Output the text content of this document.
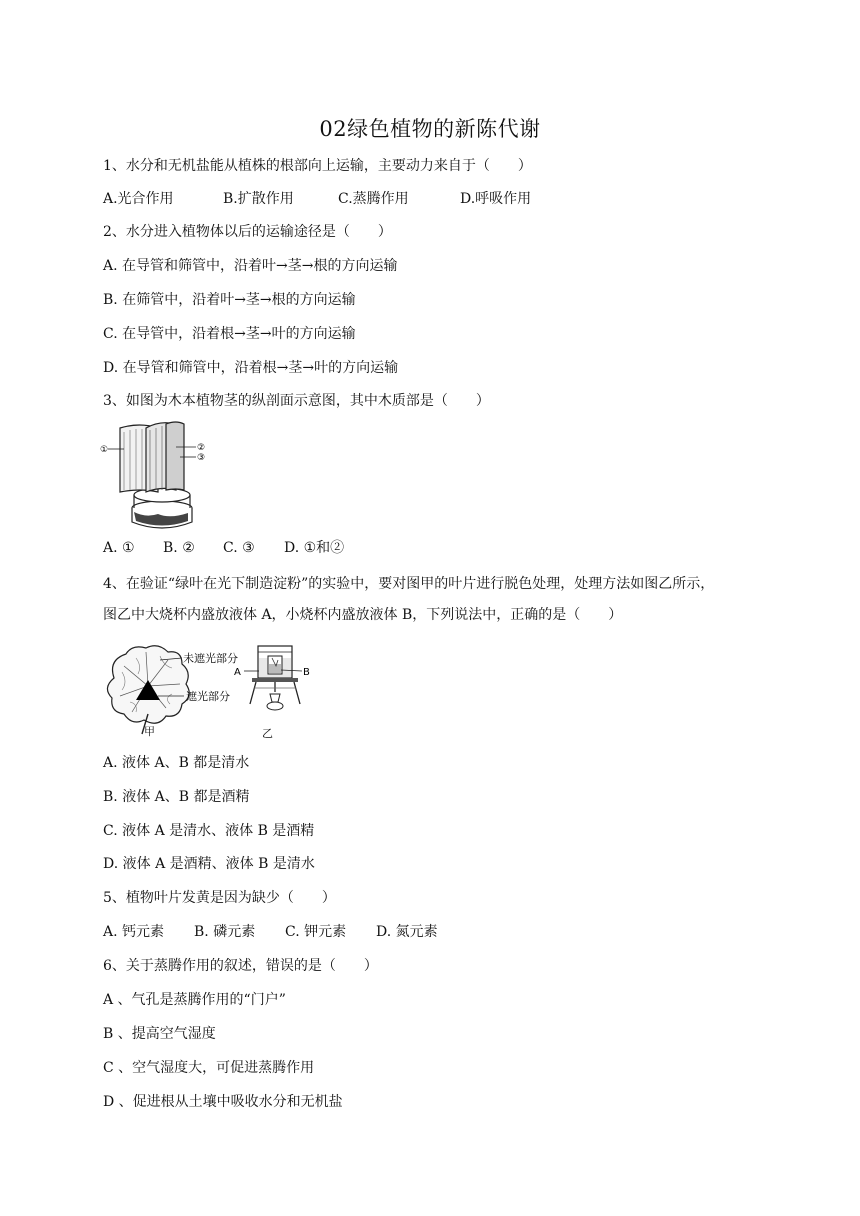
02绿色植物的新陈代谢
1、水分和无机盐能从植株的根部向上运输，主要动力来自于（　　）
A.光合作用	B.扩散作用	C.蒸腾作用	D.呼吸作用
2、水分进入植物体以后的运输途径是（　　）
A. 在导管和筛管中，沿着叶→茎→根的方向运输
B. 在筛管中，沿着叶→茎→根的方向运输
C. 在导管中，沿着根→茎→叶的方向运输
D. 在导管和筛管中，沿着根→茎→叶的方向运输
3、如图为木本植物茎的纵剖面示意图，其中木质部是（　　）
①	②
③
A. ① B. ② C. ③ D. ①和②
4、在验证“绿叶在光下制造淀粉”的实验中，要对图甲的叶片进行脱色处理，处理方法如图乙所示，
图乙中大烧杯内盛放液体 A，小烧杯内盛放液体 B，下列说法中，正确的是（　　）
未遮光部分
遮光部分
甲
A	B
乙
A. 液体 A、B 都是清水
B. 液体 A、B 都是酒精
C. 液体 A 是清水、液体 B 是酒精
D. 液体 A 是酒精、液体 B 是清水
5、植物叶片发黄是因为缺少（　　）
A. 钙元素 B. 磷元素 C. 钾元素 D. 氮元素
6、关于蒸腾作用的叙述，错误的是（　　）
A 、气孔是蒸腾作用的“门户”
B 、提高空气湿度
C 、空气湿度大，可促进蒸腾作用
D 、促进根从土壤中吸收水分和无机盐
